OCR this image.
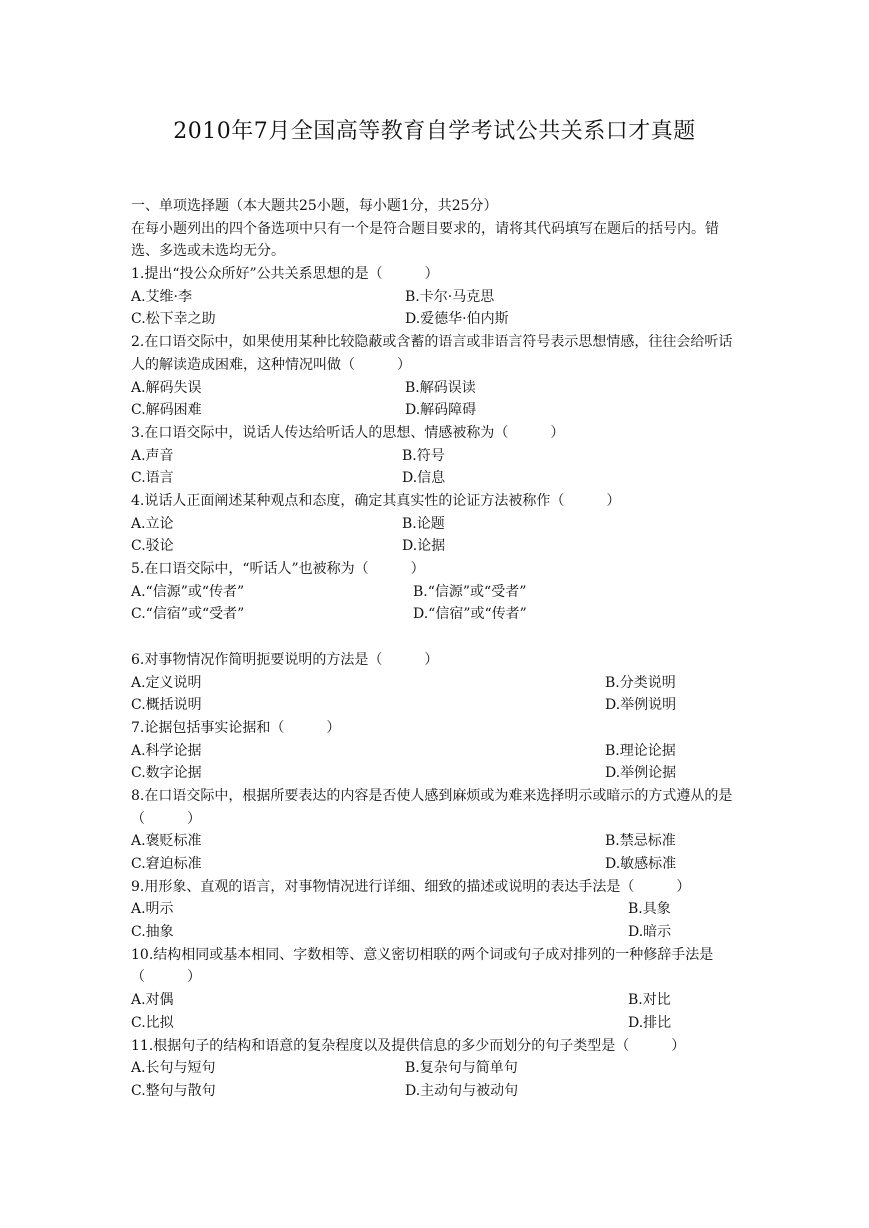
2010年7月全国高等教育自学考试公共关系口才真题
一、单项选择题（本大题共25小题，每小题1分，共25分）
在每小题列出的四个备选项中只有一个是符合题目要求的，请将其代码填写在题后的括号内。错选、多选或未选均无分。
1.提出“投公众所好”公共关系思想的是（　　　）
A.艾维·李	B.卡尔·马克思
C.松下幸之助	D.爱德华·伯内斯
2.在口语交际中，如果使用某种比较隐蔽或含蓄的语言或非语言符号表示思想情感，往往会给听话人的解读造成困难，这种情况叫做（　　　）
A.解码失误	B.解码误读
C.解码困难	D.解码障碍
3.在口语交际中，说话人传达给听话人的思想、情感被称为（　　　）
A.声音	B.符号
C.语言	D.信息
4.说话人正面阐述某种观点和态度，确定其真实性的论证方法被称作（　　　）
A.立论	B.论题
C.驳论	D.论据
5.在口语交际中，“听话人”也被称为（　　　）
A.“信源”或“传者”	B.“信源”或“受者”
C.“信宿”或“受者”	D.“信宿”或“传者”
6.对事物情况作简明扼要说明的方法是（　　　）
A.定义说明	B.分类说明
C.概括说明	D.举例说明
7.论据包括事实论据和（　　　）
A.科学论据	B.理论论据
C.数字论据	D.举例论据
8.在口语交际中，根据所要表达的内容是否使人感到麻烦或为难来选择明示或暗示的方式遵从的是（　　　）
A.褒贬标准	B.禁忌标准
C.窘迫标准	D.敏感标准
9.用形象、直观的语言，对事物情况进行详细、细致的描述或说明的表达手法是（　　　）
A.明示	B.具象
C.抽象	D.暗示
10.结构相同或基本相同、字数相等、意义密切相联的两个词或句子成对排列的一种修辞手法是（　　　）
A.对偶	B.对比
C.比拟	D.排比
11.根据句子的结构和语意的复杂程度以及提供信息的多少而划分的句子类型是（　　　）
A.长句与短句	B.复杂句与简单句
C.整句与散句	D.主动句与被动句
